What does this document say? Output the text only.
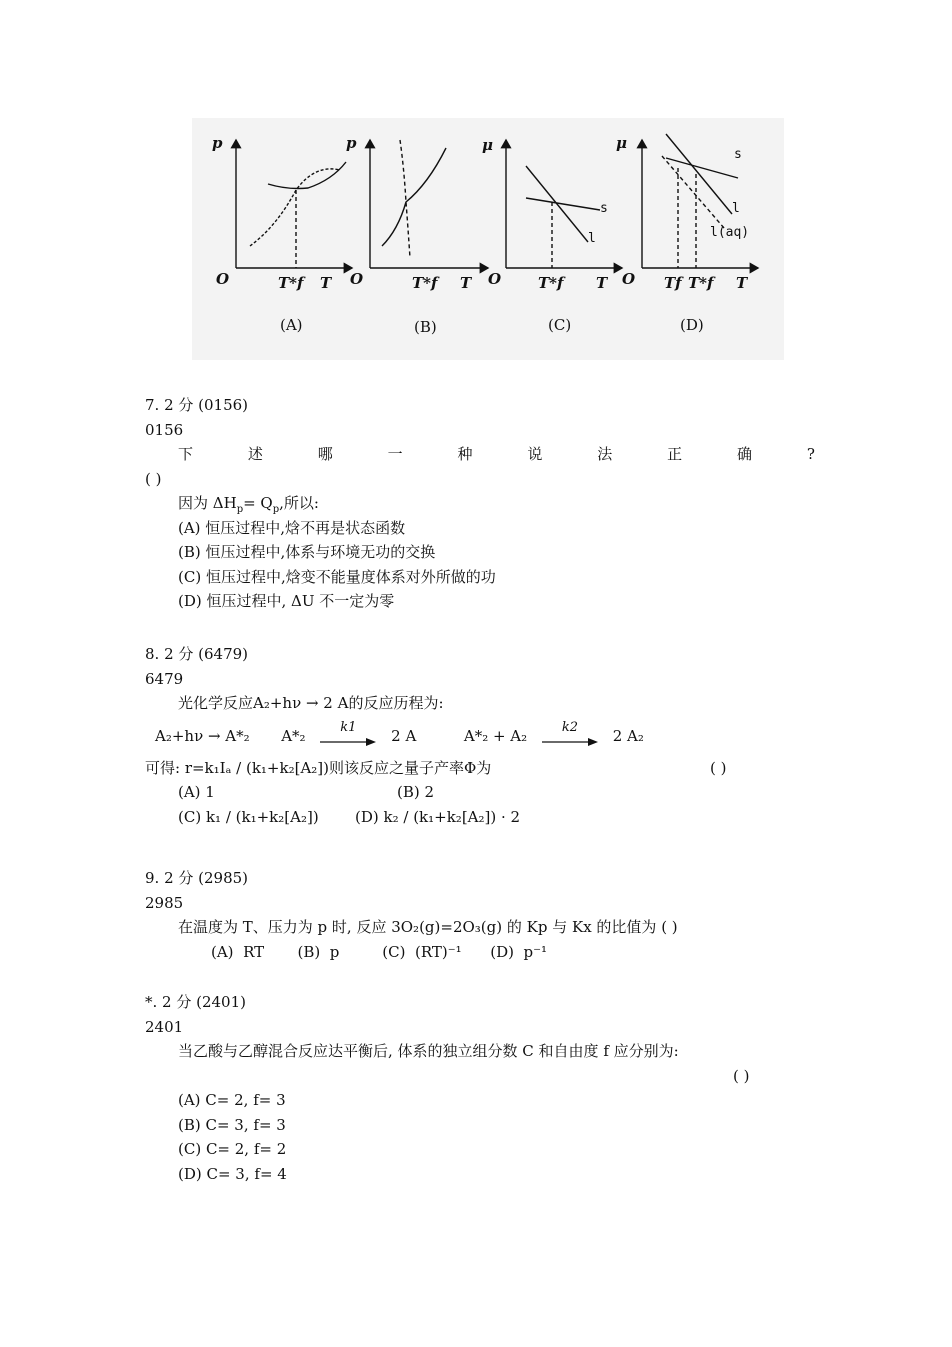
p	p	μ	μ
O	O	O	O
T*f T	T*f T	T*f T	Tf T*f T
s
l
s
l
l(aq)
(A)	(B)	(C)	(D)
7. 2 分 (0156)
0156
下	述	哪	一	种	说	法	正	确	?
( )
因为 $\Delta H_p= Q_p$,所以:
(A) 恒压过程中,焓不再是状态函数
(B) 恒压过程中,体系与环境无功的交换
(C) 恒压过程中,焓变不能量度体系对外所做的功
(D) 恒压过程中, ΔU 不一定为零
8. 2 分 (6479)
6479
光化学反应A₂+hν → 2 A的反应历程为:
A₂+hν → A*₂ A*₂	k1	2 A	A*₂ + A₂	k2	2 A₂
可得: r=k₁Iₐ / (k₁+k₂[A₂])则该反应之量子产率Φ为	( )
(A) 1	(B) 2
(C) k₁ / (k₁+k₂[A₂]) (D) k₂ / (k₁+k₂[A₂]) · 2
9. 2 分 (2985)
2985
在温度为 T、压力为 p 时, 反应 3O₂(g)=2O₃(g) 的 Kp 与 Kx 的比值为 ( )
(A)  RT       (B)  p         (C)  (RT)⁻¹      (D)  p⁻¹
*. 2 分 (2401)
2401
当乙酸与乙醇混合反应达平衡后, 体系的独立组分数 C 和自由度 f 应分别为:
( )
(A) C= 2, f= 3
(B) C= 3, f= 3
(C) C= 2, f= 2
(D) C= 3, f= 4
